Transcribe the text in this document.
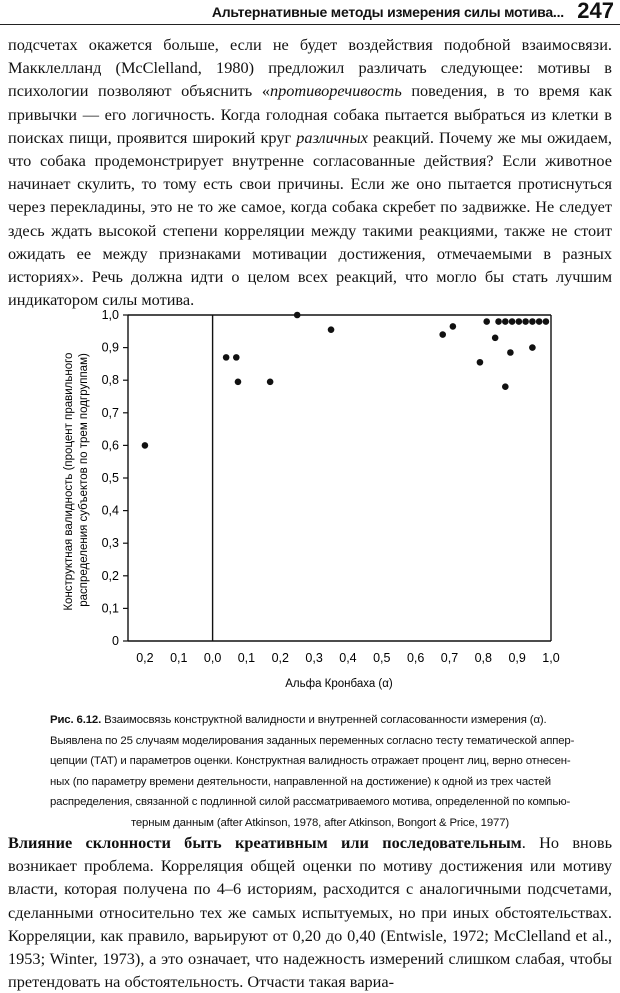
Альтернативные методы измерения силы мотива... 247

подсчетах окажется больше, если не будет воздействия подобной взаимосвязи. Макклелланд (McClelland, 1980) предложил различать следующее: мотивы в психологии позволяют объяснить «противоречивость поведения, в то время как привычки — его логичность. Когда голодная собака пытается выбраться из клетки в поисках пищи, проявится широкий круг различных реакций. Почему же мы ожидаем, что собака продемонстрирует внутренне согласованные действия? Если животное начинает скулить, то тому есть свои причины. Если же оно пытается протиснуться через перекладины, это не то же самое, когда собака скребет по задвижке. Не следует здесь ждать высокой степени корреляции между такими реакциями, также не стоит ожидать ее между признаками мотивации достижения, отмечаемыми в разных историях». Речь должна идти о целом всех реакций, что могло бы стать лучшим индикатором силы мотива.

0
0,1
0,2
0,3
0,4
0,5
0,6
0,7
0,8
0,9
1,0
0,2 0,1 0,0 0,1 0,2 0,3 0,4 0,5 0,6 0,7 0,8 0,9 1,0
Альфа Кронбаха (α)
Конструктная валидность (процент правильного распределения субъектов по трем подгруппам)

Рис. 6.12. Взаимосвязь конструктной валидности и внутренней согласованности измерения (α).
Выявлена по 25 случаям моделирования заданных переменных согласно тесту тематической аппер-
цепции (ТАТ) и параметров оценки. Конструктная валидность отражает процент лиц, верно отнесен-
ных (по параметру времени деятельности, направленной на достижение) к одной из трех частей
распределения, связанной с подлинной силой рассматриваемого мотива, определенной по компью-

терным данным (after Atkinson, 1978, after Atkinson, Bongort & Price, 1977)

Влияние склонности быть креативным или последовательным. Но вновь возникает проблема. Корреляция общей оценки по мотиву достижения или мотиву власти, которая получена по 4–6 историям, расходится с аналогичными подсчетами, сделанными относительно тех же самых испытуемых, но при иных обстоятельствах. Корреляции, как правило, варьируют от 0,20 до 0,40 (Entwisle, 1972; McClelland et al., 1953; Winter, 1973), а это означает, что надежность измерений слишком слабая, чтобы претендовать на обстоятельность. Отчасти такая вариа-
